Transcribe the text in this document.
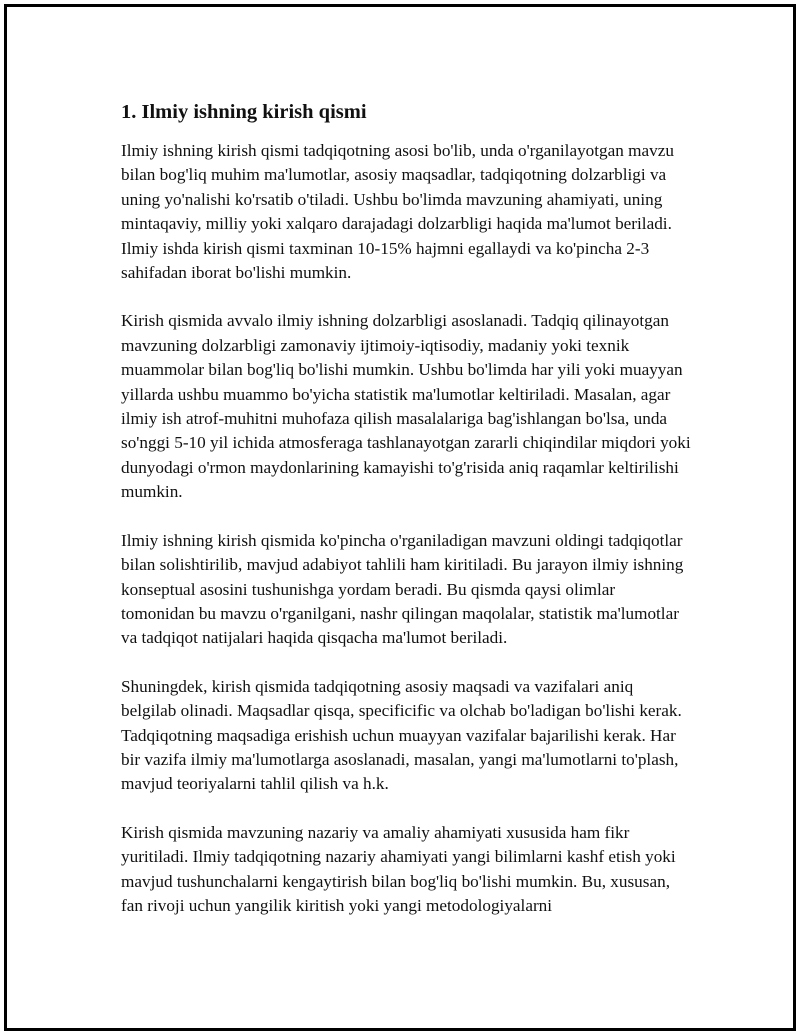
1. Ilmiy ishning kirish qismi

Ilmiy ishning kirish qismi tadqiqotning asosi bo'lib, unda o'rganilayotgan mavzu bilan bog'liq muhim ma'lumotlar, asosiy maqsadlar, tadqiqotning dolzarbligi va uning yo'nalishi ko'rsatib o'tiladi. Ushbu bo'limda mavzuning ahamiyati, uning mintaqaviy, milliy yoki xalqaro darajadagi dolzarbligi haqida ma'lumot beriladi. Ilmiy ishda kirish qismi taxminan 10-15% hajmni egallaydi va ko'pincha 2-3 sahifadan iborat bo'lishi mumkin.

Kirish qismida avvalo ilmiy ishning dolzarbligi asoslanadi. Tadqiq qilinayotgan mavzuning dolzarbligi zamonaviy ijtimoiy-iqtisodiy, madaniy yoki texnik muammolar bilan bog'liq bo'lishi mumkin. Ushbu bo'limda har yili yoki muayyan yillarda ushbu muammo bo'yicha statistik ma'lumotlar keltiriladi. Masalan, agar ilmiy ish atrof-muhitni muhofaza qilish masalalariga bag'ishlangan bo'lsa, unda so'nggi 5-10 yil ichida atmosferaga tashlanayotgan zararli chiqindilar miqdori yoki dunyodagi o'rmon maydonlarining kamayishi to'g'risida aniq raqamlar keltirilishi mumkin.

Ilmiy ishning kirish qismida ko'pincha o'rganiladigan mavzuni oldingi tadqiqotlar bilan solishtirilib, mavjud adabiyot tahlili ham kiritiladi. Bu jarayon ilmiy ishning konseptual asosini tushunishga yordam beradi. Bu qismda qaysi olimlar tomonidan bu mavzu o'rganilgani, nashr qilingan maqolalar, statistik ma'lumotlar va tadqiqot natijalari haqida qisqacha ma'lumot beriladi.

Shuningdek, kirish qismida tadqiqotning asosiy maqsadi va vazifalari aniq belgilab olinadi. Maqsadlar qisqa, specificific va olchab bo'ladigan bo'lishi kerak. Tadqiqotning maqsadiga erishish uchun muayyan vazifalar bajarilishi kerak. Har bir vazifa ilmiy ma'lumotlarga asoslanadi, masalan, yangi ma'lumotlarni to'plash, mavjud teoriyalarni tahlil qilish va h.k.

Kirish qismida mavzuning nazariy va amaliy ahamiyati xususida ham fikr yuritiladi. Ilmiy tadqiqotning nazariy ahamiyati yangi bilimlarni kashf etish yoki mavjud tushunchalarni kengaytirish bilan bog'liq bo'lishi mumkin. Bu, xususan, fan rivoji uchun yangilik kiritish yoki yangi metodologiyalarni
